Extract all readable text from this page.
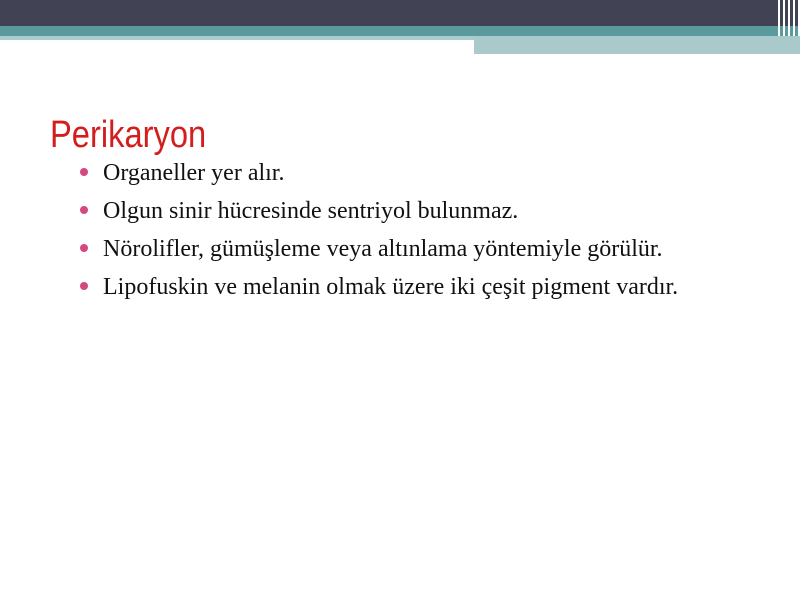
Perikaryon
Organeller yer alır.
Olgun sinir hücresinde sentriyol bulunmaz.
Nörolifler, gümüşleme veya altınlama yöntemiyle görülür.
Lipofuskin ve melanin olmak üzere iki çeşit pigment vardır.
